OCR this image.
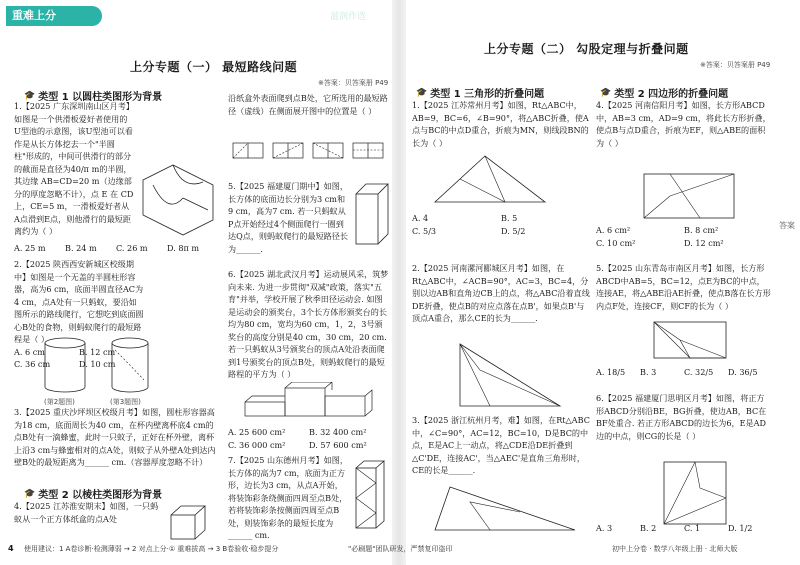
重难上分	滋润作选
上分专题（一） 最短路线问题
※答案：贝答案册 P49
🎓 类型 1 以圆柱类图形为背景

1.【2025 广东深圳南山区月考】如图是一个供滑板爱好者使用的U型池的示意图，该U型池可以看作是从长方体挖去一个"半圆柱"形成的，中间可供滑行的部分的截面是直径为40/π m的半圆，其边缘 AB=CD=20 m（边缘部分的厚度忽略不计），点 E 在 CD 上，CE=5 m，一滑板爱好者从A点滑到E点，则他滑行的最短距离约为（ ）

A. 25 m	B. 24 m	C. 26 m	D. 8π m

2.【2025 陕西西安新城区校级期中】如图是一个无盖的半圆柱形容器，高为6 cm，底面半圆直径AC为4 cm，点A处有一只蚂蚁，要沿如图所示的路线爬行，它想吃到底面圆心B处的食物，则蚂蚁爬行的最短路程是（ ）

A. 6 cm	B. 12 cm
C. 36 cm	D. 10 cm
(第2题图)	(第3题图)

3.【2025 重庆沙坪坝区校级月考】如图，圆柱形容器高为18 cm，底面周长为40 cm，在杯内壁离杯底4 cm的点B处有一滴蜂蜜，此时一只蚊子，正好在杯外壁，离杯上沿3 cm与蜂蜜相对的点A处，则蚊子从外壁A处到达内壁B处的最短距离为______ cm.（容器厚度忽略不计）

🎓 类型 2 以棱柱类图形为背景

4.【2025 江苏淮安期末】如图，一只蚂蚁从一个正方体纸盒的点A处

沿纸盒外表面爬到点B处，它所选用的最短路径（虚线）在侧面展开图中的位置是（ ）

5.【2025 福建厦门期中】如图，长方体的底面边长分别为3 cm和9 cm，高为7 cm. 若一只蚂蚁从P点开始经过4个侧面爬行一圈到达Q点，则蚂蚁爬行的最短路径长为______.

6.【2025 湖北武汉月考】运动展风采，筑梦向未来. 为进一步贯彻"双减"政策，落实"五育"并举，学校开展了秋季田径运动会. 如图是运动会的颁奖台，3个长方体形颁奖台的长均为80 cm，宽均为60 cm，1，2，3号颁奖台的高度分别是40 cm，30 cm，20 cm. 若一只蚂蚁从3号颁奖台的顶点A处沿表面爬到1号颁奖台的顶点B处，则蚂蚁爬行的最短路程的平方为（ ）

A. 25 600 cm²	B. 32 400 cm²
C. 36 000 cm²	D. 57 600 cm²

7.【2025 山东德州月考】如图，长方体的高为7 cm，底面为正方形，边长为3 cm，从点A开始，将装饰彩条绕侧面四周至点B处，若将装饰彩条按侧面四周至点B处，则装饰彩条的最短长度为______ cm.

上分专题（二） 勾股定理与折叠问题
※答案：贝答案册 P49
🎓 类型 1 三角形的折叠问题	🎓 类型 2 四边形的折叠问题

1.【2025 江苏常州月考】如图，Rt△ABC中，AB=9，BC=6，∠B=90°，将△ABC折叠，使A点与BC的中点D重合，折痕为MN，则线段BN的长为（ ）

A. 4	B. 5
C. 5/3	D. 5/2

2.【2025 河南漯河郾城区月考】如图，在Rt△ABC中，∠ACB=90°，AC=3，BC=4，分别以边AB和直角边CB上的点，将△ABC沿着直线DE折叠，使点B的对应点落在点B'，如果点B'与顶点A重合，那么CE的长为______.

3.【2025 浙江杭州月考，难】如图，在Rt△ABC中，∠C=90°，AC=12，BC=10，D是BC的中点，E是AC上一动点，将△CDE沿DE折叠到△C'DE，连接AC'，当△AEC'是直角三角形时，CE的长是______.

4.【2025 河南信阳月考】如图，长方形ABCD中，AB=3 cm，AD=9 cm，将此长方形折叠，使点B与点D重合，折痕为EF，则△ABE的面积为（ ）

A. 6 cm²	B. 8 cm²
C. 10 cm²	D. 12 cm²

5.【2025 山东青岛市南区月考】如图，长方形ABCD中AB=5，BC=12，点E为BC的中点，连接AE，将△ABE沿AE折叠，使点B落在长方形内点F处，连接CF，则CF的长为（ ）

A. 18/5	B. 3	C. 32/5	D. 36/5

6.【2025 福建厦门思明区月考】如图，将正方形ABCD分别沿BE，BG折叠，使边AB，BC在BF处重合. 若正方形ABCD的边长为6，E是AD边的中点，则CG的长是（ ）

A. 3	B. 2	C. 1	D. 1/2
答案
4 使用建议：1 A卷诊断·检测薄弱 → 2 对点上分·① 重难拔高 → 3 B卷验收·稳步提分	"必刷题"团队研发，严禁复印盗印	初中上分卷 · 数学八年级上册 · 北师大版
